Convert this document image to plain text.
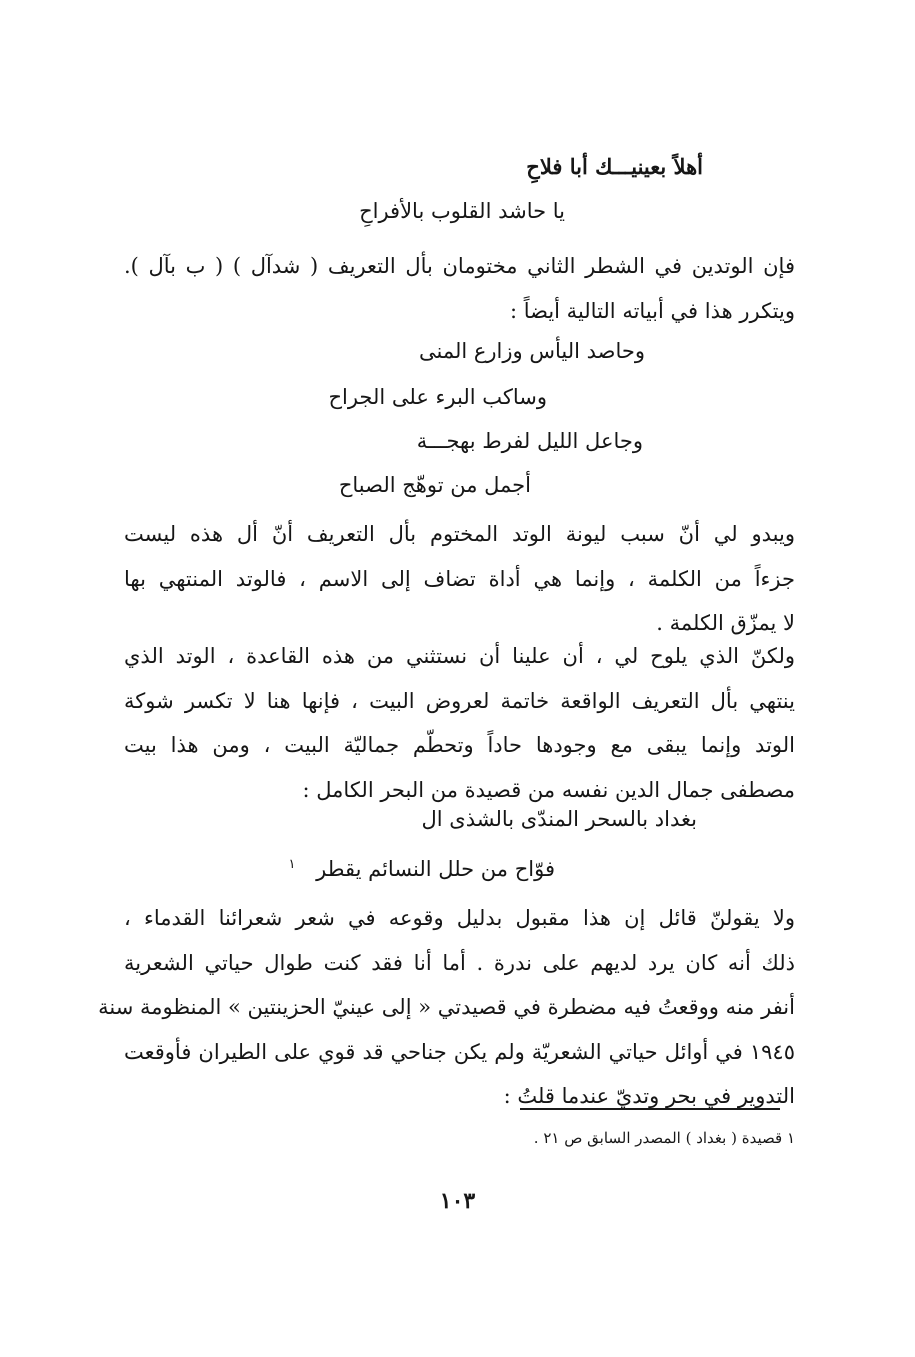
أهلاً بعينيـــك أبا فلاحِ
يا حاشد القلوب بالأفراحِ
فإن الوتدين في الشطر الثاني مختومان بأل التعريف ( شدآل ) ( ب بآل ).
ويتكرر هذا في أبياته التالية أيضاً :
وحاصد اليأس وزارع المنى
وساكب البرء على الجراح
وجاعل الليل لفرط بهجـــة
أجمل من توهّج الصباح
ويبدو لي أنّ سبب ليونة الوتد المختوم بأل التعريف أنّ أل هذه ليست
جزءاً من الكلمة ، وإنما هي أداة تضاف إلى الاسم ، فالوتد المنتهي بها
لا يمزّق الكلمة .
ولكنّ الذي يلوح لي ، أن علينا أن نستثني من هذه القاعدة ، الوتد الذي
ينتهي بأل التعريف الواقعة خاتمة لعروض البيت ، فإنها هنا لا تكسر شوكة
الوتد وإنما يبقى مع وجودها حاداً وتحطّم جماليّة البيت ، ومن هذا بيت
مصطفى جمال الدين نفسه من قصيدة من البحر الكامل :
بغداد بالسحر المندّى بالشذى ال
فوّاح من حلل النسائم يقطر $^١$
ولا يقولنّ قائل إن هذا مقبول بدليل وقوعه في شعر شعرائنا القدماء ،
ذلك أنه كان يرد لديهم على ندرة . أما أنا فقد كنت طوال حياتي الشعرية
أنفر منه ووقعتُ فيه مضطرة في قصيدتي « إلى عينيّ الحزينتين » المنظومة سنة
١٩٤٥ في أوائل حياتي الشعريّة ولم يكن جناحي قد قوي على الطيران فأوقعت
التدوير في بحر وتديّ عندما قلتُ :
١ قصيدة ( بغداد ) المصدر السابق ص ٢١ .
١٠٣
